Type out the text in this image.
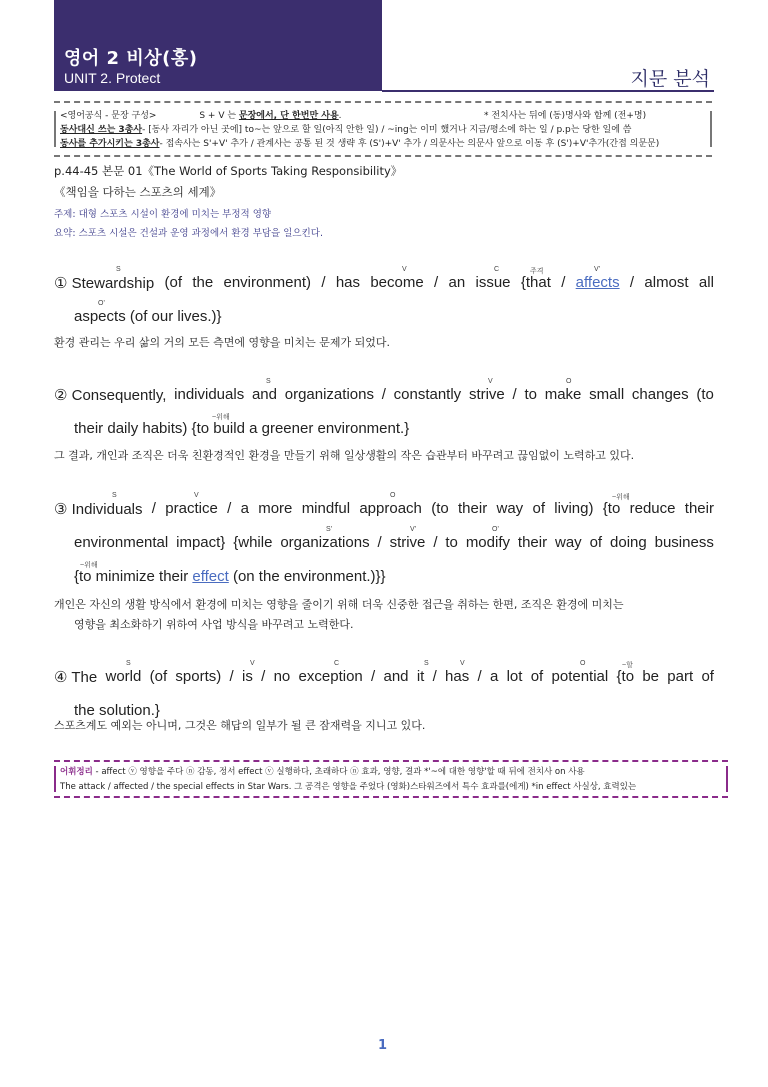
영어 2 비상(홍)
UNIT 2. Protect	지문 분석
<영어공식 - 문장 구성>	S + V 는 문장에서, 단 한번만 사용.	* 전치사는 뒤에 (동)명사와 함께 (전+명)
동사대신 쓰는 3총사- [동사 자리가 아닌 곳에] to~는 앞으로 할 일(아직 안한 일) / ~ing는 이미 했거나 지금/평소에 하는 일 / p.p는 당한 일에 씀
동사를 추가시키는 3총사- 접속사는 S'+V' 추가 / 관계사는 공통 된 것 생략 후 (S')+V' 추가 / 의문사는 의문사 앞으로 이동 후 (S')+V'추가(간접 의문문)
p.44-45 본문 01《The World of Sports Taking Responsibility》
《책임을 다하는 스포츠의 세계》
주제: 대형 스포츠 시설이 환경에 미치는 부정적 영향
요약: 스포츠 시설은 건설과 운영 과정에서 환경 부담을 일으킨다.
S	V	C	주격	V'
① Stewardship (of the environment) / has become / an issue {that / affects / almost all
O'
aspects (of our lives.)}
환경 관리는 우리 삶의 거의 모든 측면에 영향을 미치는 문제가 되었다.
S	V	O
② Consequently, individuals and organizations / constantly strive / to make small changes (to
~위해
their daily habits) {to build a greener environment.}
그 결과, 개인과 조직은 더욱 친환경적인 환경을 만들기 위해 일상생활의 작은 습관부터 바꾸려고 끊임없이 노력하고 있다.
S	V	O	~위해
③ Individuals / practice / a more mindful approach (to their way of living) {to reduce their
S'	V'	O'
environmental impact} {while organizations / strive / to modify their way of doing business
~위해
{to minimize their effect (on the environment.)}}
개인은 자신의 생활 방식에서 환경에 미치는 영향을 줄이기 위해 더욱 신중한 접근을 취하는 한편, 조직은 환경에 미치는
영향을 최소화하기 위하여 사업 방식을 바꾸려고 노력한다.
S	V	C	S	V	O	~할
④ The world (of sports) / is / no exception / and it / has / a lot of potential {to be part of
the solution.}
스포츠계도 예외는 아니며, 그것은 해답의 일부가 될 큰 잠재력을 지니고 있다.
어휘정리 - affect ⓥ 영향을 주다 ⓝ 감동, 정서 effect ⓥ 실행하다, 초래하다 ⓝ 효과, 영향, 결과 *'~에 대한 영향'할 때 뒤에 전치사 on 사용
The attack / affected / the special effects in Star Wars. 그 공격은 영향을 주었다 (영화)스타워즈에서 특수 효과를(에게) *in effect 사실상, 효력있는
1
